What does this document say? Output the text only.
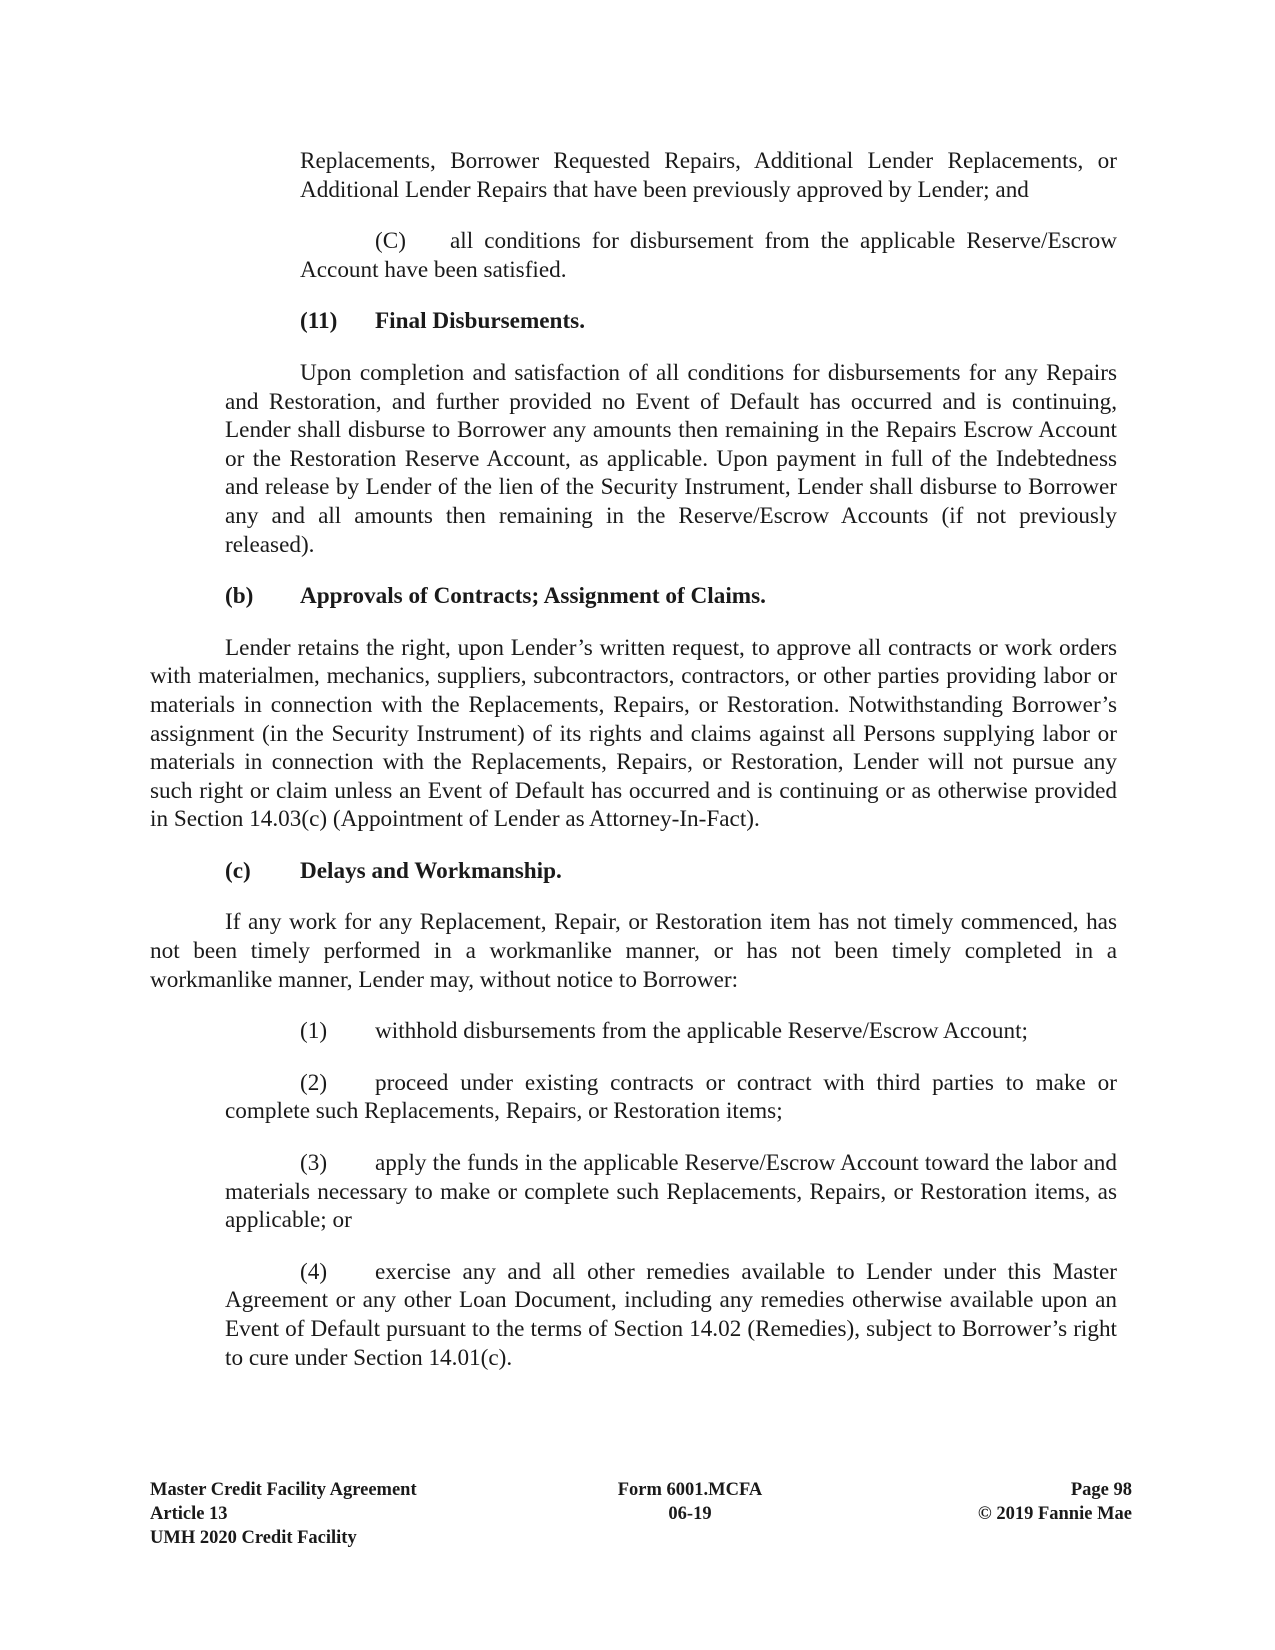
Replacements, Borrower Requested Repairs, Additional Lender Replacements, or Additional Lender Repairs that have been previously approved by Lender; and

(C) all conditions for disbursement from the applicable Reserve/Escrow Account have been satisfied.

(11) Final Disbursements.

Upon completion and satisfaction of all conditions for disbursements for any Repairs and Restoration, and further provided no Event of Default has occurred and is continuing, Lender shall disburse to Borrower any amounts then remaining in the Repairs Escrow Account or the Restoration Reserve Account, as applicable. Upon payment in full of the Indebtedness and release by Lender of the lien of the Security Instrument, Lender shall disburse to Borrower any and all amounts then remaining in the Reserve/Escrow Accounts (if not previously released).

(b) Approvals of Contracts; Assignment of Claims.

Lender retains the right, upon Lender’s written request, to approve all contracts or work orders with materialmen, mechanics, suppliers, subcontractors, contractors, or other parties providing labor or materials in connection with the Replacements, Repairs, or Restoration. Notwithstanding Borrower’s assignment (in the Security Instrument) of its rights and claims against all Persons supplying labor or materials in connection with the Replacements, Repairs, or Restoration, Lender will not pursue any such right or claim unless an Event of Default has occurred and is continuing or as otherwise provided in Section 14.03(c) (Appointment of Lender as Attorney-In-Fact).

(c) Delays and Workmanship.

If any work for any Replacement, Repair, or Restoration item has not timely commenced, has not been timely performed in a workmanlike manner, or has not been timely completed in a workmanlike manner, Lender may, without notice to Borrower:

(1) withhold disbursements from the applicable Reserve/Escrow Account;

(2) proceed under existing contracts or contract with third parties to make or complete such Replacements, Repairs, or Restoration items;

(3) apply the funds in the applicable Reserve/Escrow Account toward the labor and materials necessary to make or complete such Replacements, Repairs, or Restoration items, as applicable; or

(4) exercise any and all other remedies available to Lender under this Master Agreement or any other Loan Document, including any remedies otherwise available upon an Event of Default pursuant to the terms of Section 14.02 (Remedies), subject to Borrower’s right to cure under Section 14.01(c).

Master Credit Facility Agreement
Article 13
UMH 2020 Credit Facility
Form 6001.MCFA
06-19
Page 98
© 2019 Fannie Mae
